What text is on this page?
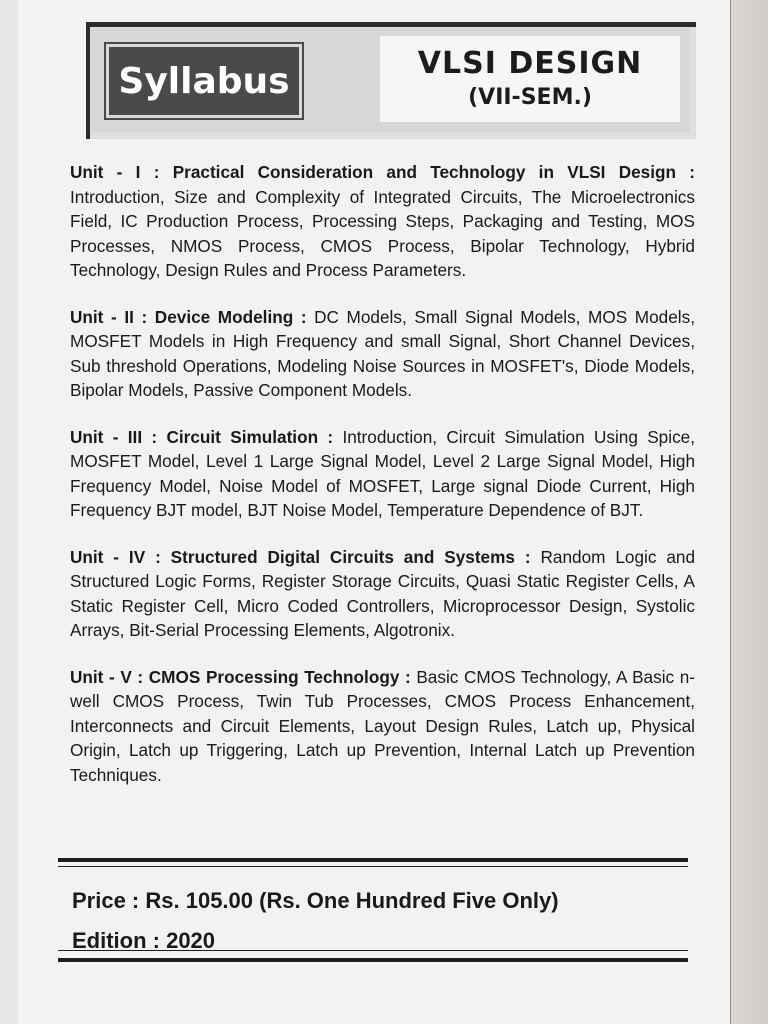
Syllabus	VLSI DESIGN
(VII-SEM.)
Unit - I : Practical Consideration and Technology in VLSI Design : Introduction, Size and Complexity of Integrated Circuits, The Microelectronics Field, IC Production Process, Processing Steps, Packaging and Testing, MOS Processes, NMOS Process, CMOS Process, Bipolar Technology, Hybrid Technology, Design Rules and Process Parameters.
Unit - II : Device Modeling : DC Models, Small Signal Models, MOS Models, MOSFET Models in High Frequency and small Signal, Short Channel Devices, Sub threshold Operations, Modeling Noise Sources in MOSFET's, Diode Models, Bipolar Models, Passive Component Models.
Unit - III : Circuit Simulation : Introduction, Circuit Simulation Using Spice, MOSFET Model, Level 1 Large Signal Model, Level 2 Large Signal Model, High Frequency Model, Noise Model of MOSFET, Large signal Diode Current, High Frequency BJT model, BJT Noise Model, Temperature Dependence of BJT.
Unit - IV : Structured Digital Circuits and Systems : Random Logic and Structured Logic Forms, Register Storage Circuits, Quasi Static Register Cells, A Static Register Cell, Micro Coded Controllers, Microprocessor Design, Systolic Arrays, Bit-Serial Processing Elements, Algotronix.
Unit - V : CMOS Processing Technology : Basic CMOS Technology, A Basic n-well CMOS Process, Twin Tub Processes, CMOS Process Enhancement, Interconnects and Circuit Elements, Layout Design Rules, Latch up, Physical Origin, Latch up Triggering, Latch up Prevention, Internal Latch up Prevention Techniques.
Price : Rs. 105.00 (Rs. One Hundred Five Only)
Edition : 2020
